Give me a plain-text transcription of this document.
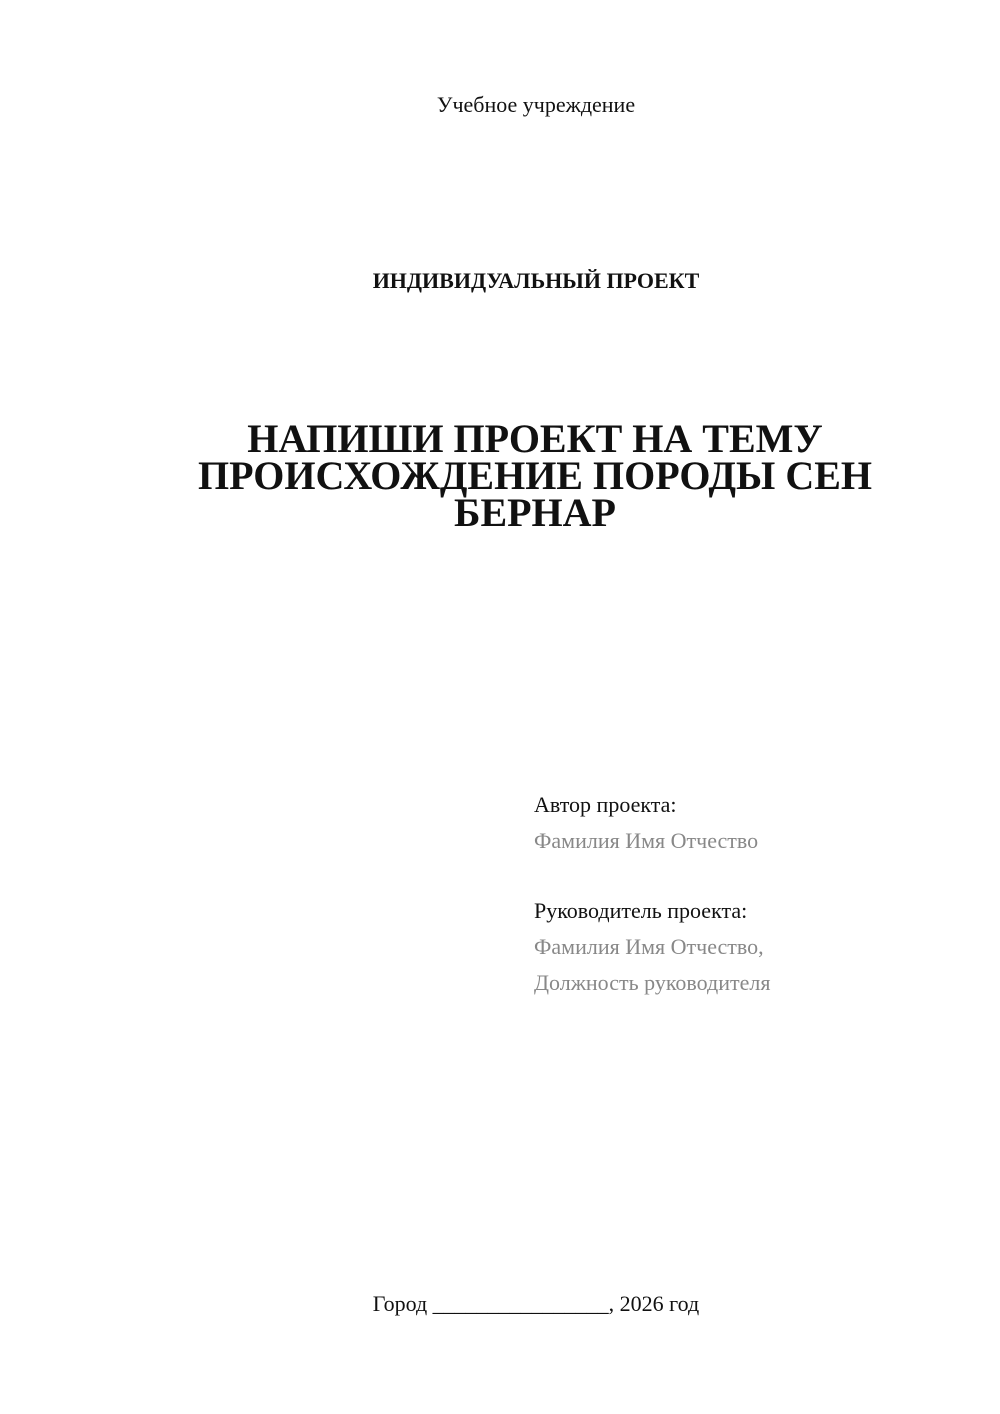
Учебное учреждение
ИНДИВИДУАЛЬНЫЙ ПРОЕКТ
НАПИШИ ПРОЕКТ НА ТЕМУ
ПРОИСХОЖДЕНИЕ ПОРОДЫ СЕН
БЕРНАР
Автор проекта:
Фамилия Имя Отчество
Руководитель проекта:
Фамилия Имя Отчество,
Должность руководителя
Город ________________, 2026 год
